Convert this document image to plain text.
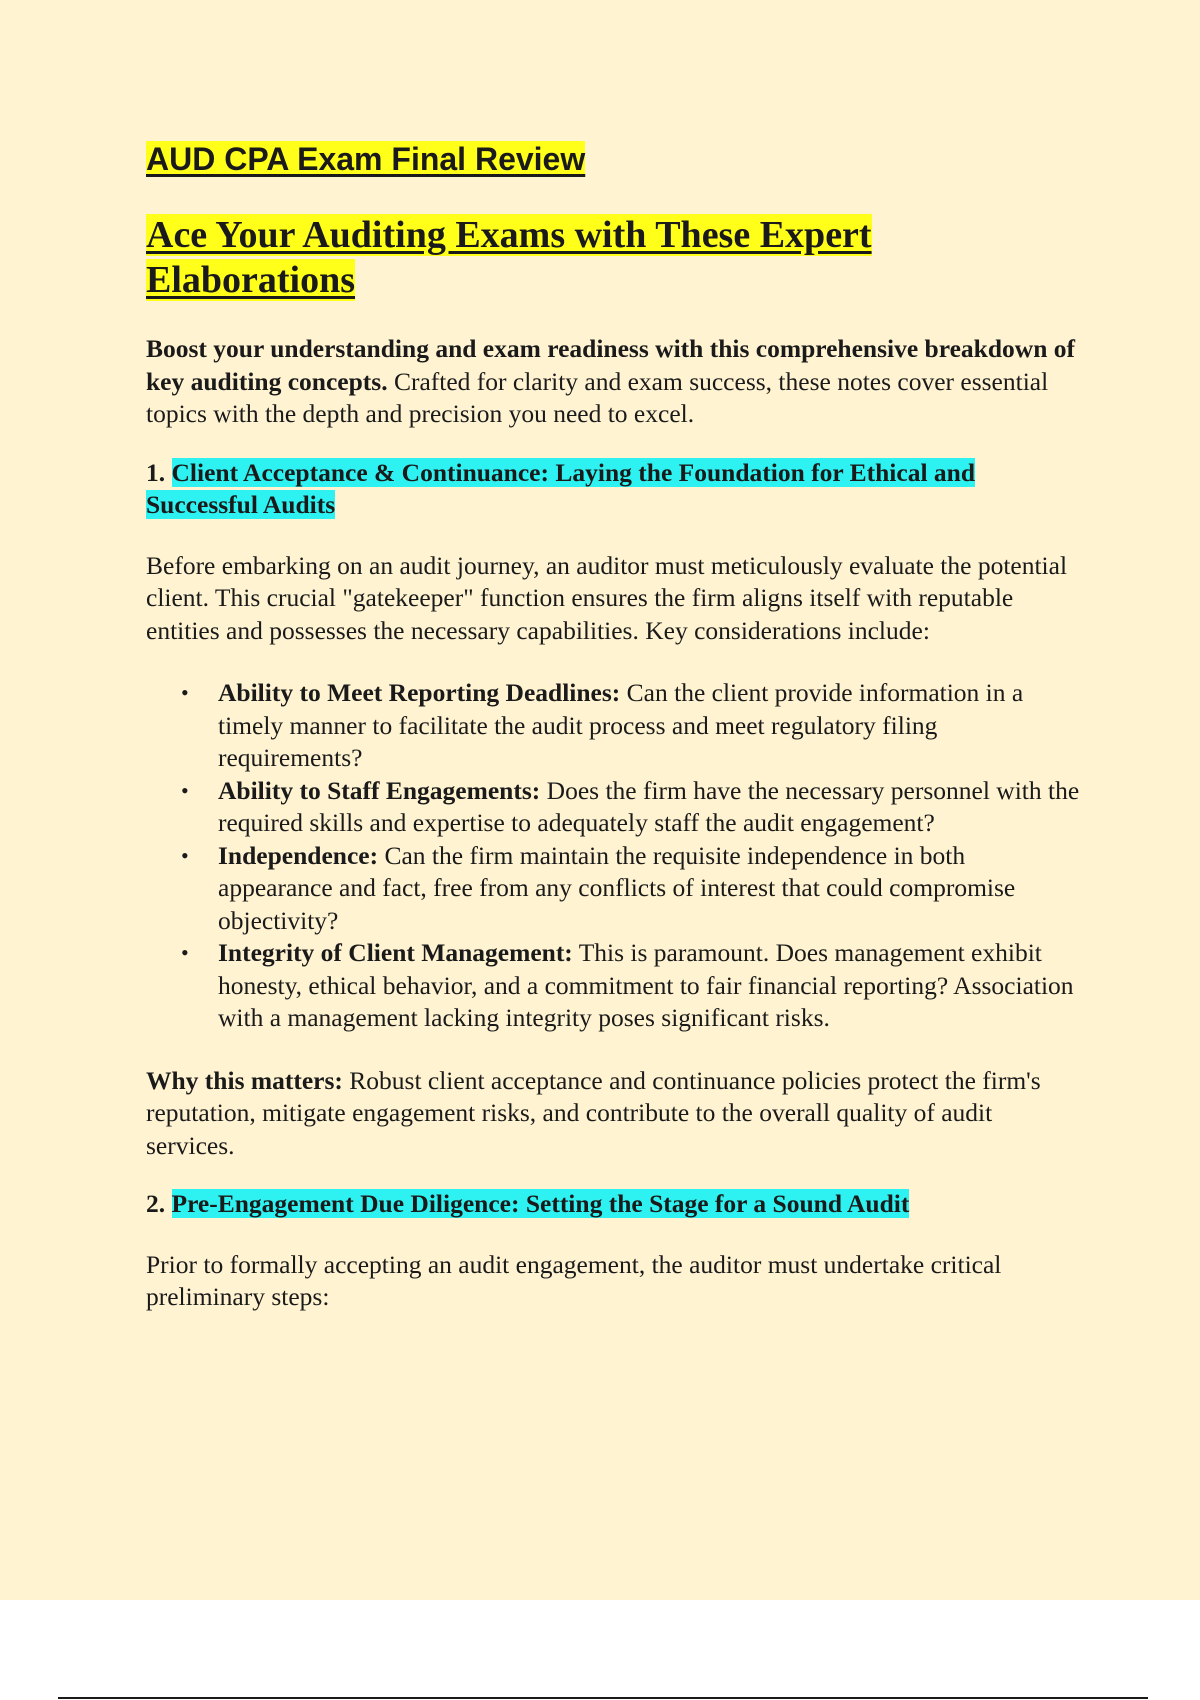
AUD CPA Exam Final Review
Ace Your Auditing Exams with These Expert
Elaborations

Boost your understanding and exam readiness with this comprehensive breakdown of key auditing concepts. Crafted for clarity and exam success, these notes cover essential topics with the depth and precision you need to excel.

1. Client Acceptance & Continuance: Laying the Foundation for Ethical and Successful Audits

Before embarking on an audit journey, an auditor must meticulously evaluate the potential client. This crucial "gatekeeper" function ensures the firm aligns itself with reputable entities and possesses the necessary capabilities. Key considerations include:

• Ability to Meet Reporting Deadlines: Can the client provide information in a timely manner to facilitate the audit process and meet regulatory filing requirements?
• Ability to Staff Engagements: Does the firm have the necessary personnel with the required skills and expertise to adequately staff the audit engagement?
• Independence: Can the firm maintain the requisite independence in both appearance and fact, free from any conflicts of interest that could compromise objectivity?
• Integrity of Client Management: This is paramount. Does management exhibit honesty, ethical behavior, and a commitment to fair financial reporting? Association with a management lacking integrity poses significant risks.

Why this matters: Robust client acceptance and continuance policies protect the firm's reputation, mitigate engagement risks, and contribute to the overall quality of audit services.

2. Pre-Engagement Due Diligence: Setting the Stage for a Sound Audit

Prior to formally accepting an audit engagement, the auditor must undertake critical preliminary steps:
